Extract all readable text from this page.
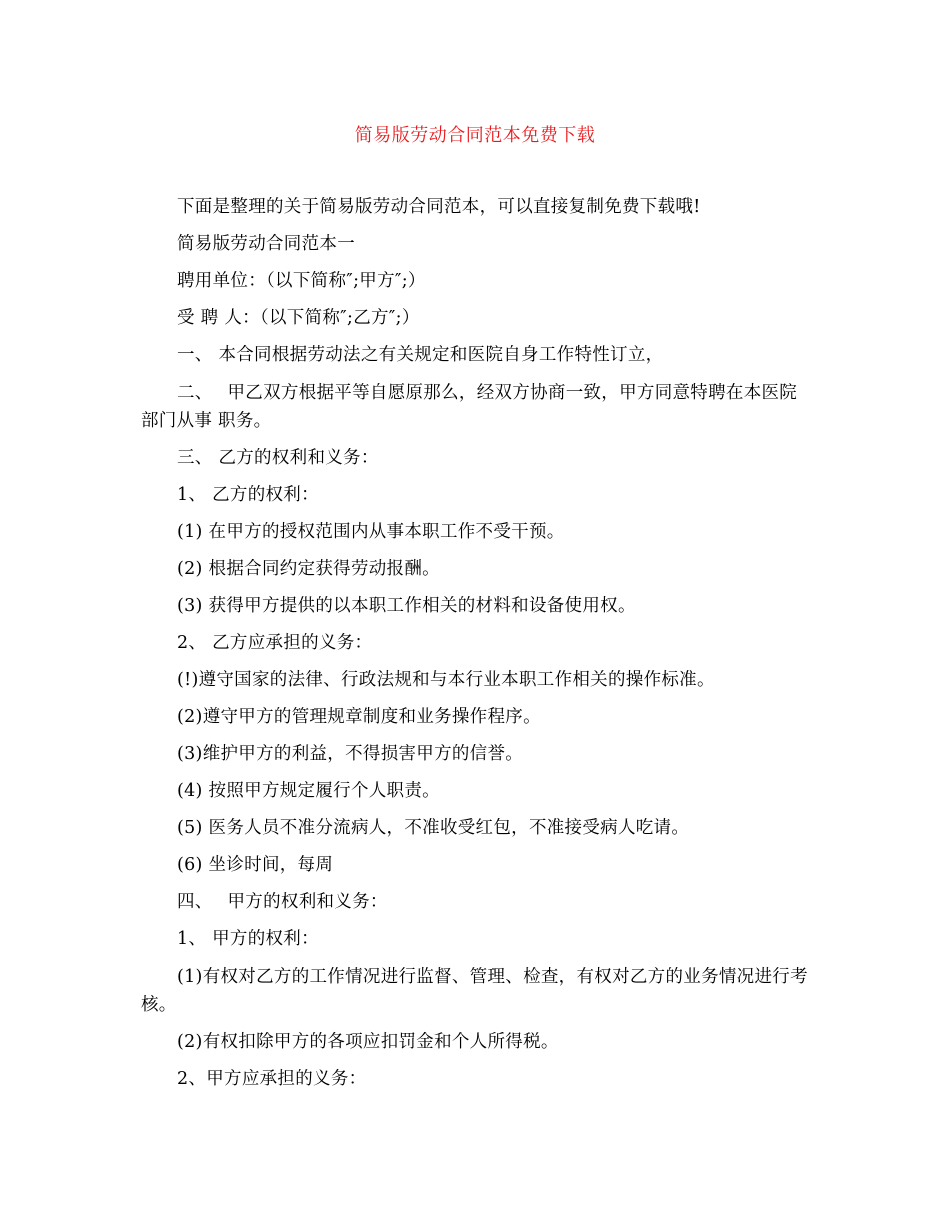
简易版劳动合同范本免费下载

下面是整理的关于简易版劳动合同范本，可以直接复制免费下载哦!

简易版劳动合同范本一

聘用单位：（以下简称″;甲方″;）

受 聘 人：（以下简称″;乙方″;）

一、 本合同根据劳动法之有关规定和医院自身工作特性订立，

二、　 甲乙双方根据平等自愿原那么，经双方协商一致，甲方同意特聘在本医院 部门从事 职务。

三、 乙方的权利和义务：

1、 乙方的权利：

(1) 在甲方的授权范围内从事本职工作不受干预。

(2) 根据合同约定获得劳动报酬。

(3) 获得甲方提供的以本职工作相关的材料和设备使用权。

2、 乙方应承担的义务：

(!)遵守国家的法律、行政法规和与本行业本职工作相关的操作标准。

(2)遵守甲方的管理规章制度和业务操作程序。

(3)维护甲方的利益，不得损害甲方的信誉。

(4) 按照甲方规定履行个人职责。

(5) 医务人员不准分流病人，不准收受红包，不准接受病人吃请。

(6) 坐诊时间，每周

四、　 甲方的权利和义务：

1、 甲方的权利：

(1)有权对乙方的工作情况进行监督、管理、检查，有权对乙方的业务情况进行考核。

(2)有权扣除甲方的各项应扣罚金和个人所得税。

2、甲方应承担的义务：
